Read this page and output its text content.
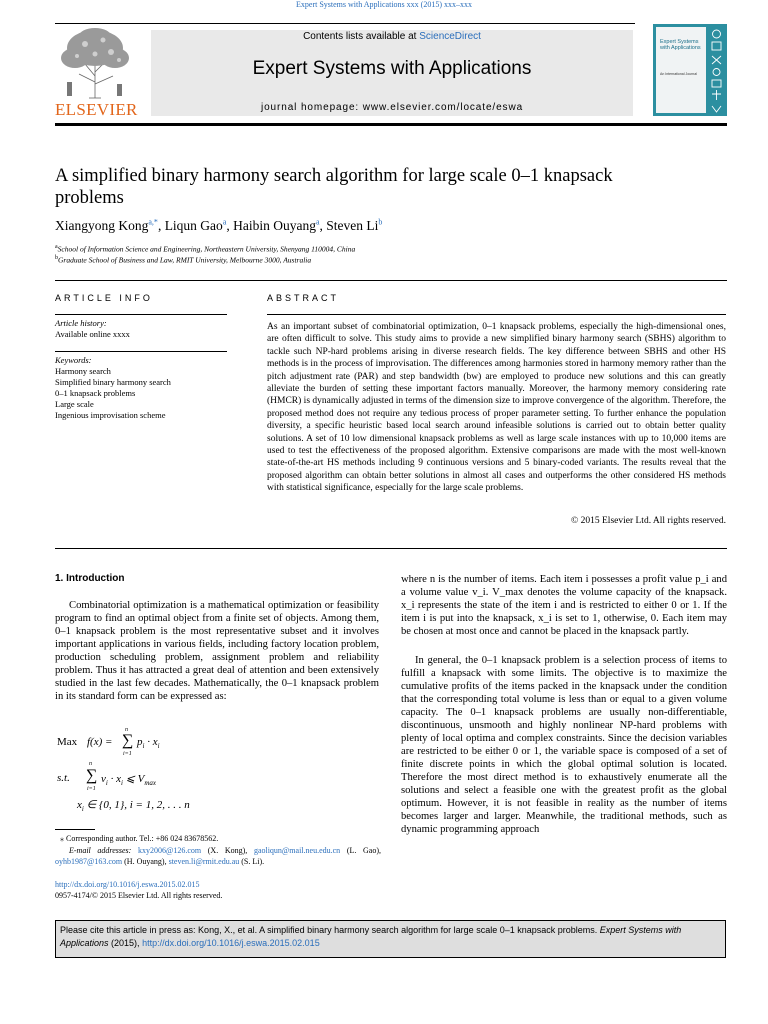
Expert Systems with Applications xxx (2015) xxx–xxx
ELSEVIER
Contents lists available at ScienceDirect
Expert Systems with Applications
journal homepage: www.elsevier.com/locate/eswa
Expert Systems with Applications
An International Journal
A simplified binary harmony search algorithm for large scale 0–1 knapsack problems
Xiangyong Kong$^{a,*}$, Liqun Gao$^a$, Haibin Ouyang$^a$, Steven Li$^b$
$^a$School of Information Science and Engineering, Northeastern University, Shenyang 110004, China
$^b$Graduate School of Business and Law, RMIT University, Melbourne 3000, Australia
ARTICLE INFO
Article history:
Available online xxxx
Keywords:
Harmony search
Simplified binary harmony search
0–1 knapsack problems
Large scale
Ingenious improvisation scheme
ABSTRACT
As an important subset of combinatorial optimization, 0–1 knapsack problems, especially the high-dimensional ones, are often difficult to solve. This study aims to provide a new simplified binary harmony search (SBHS) algorithm to tackle such NP-hard problems arising in diverse research fields. The key difference between SBHS and other HS methods is in the process of improvisation. The differences among harmonies stored in harmony memory rather than the pitch adjustment rate (PAR) and step bandwidth (bw) are employed to produce new solutions and this can greatly alleviate the burden of setting these important factors manually. Moreover, the harmony memory considering rate (HMCR) is dynamically adjusted in terms of the dimension size to improve convergence of the algorithm. Therefore, the proposed method does not require any tedious process of proper parameter setting. To further enhance the population diversity, a specific heuristic based local search around infeasible solutions is carried out to obtain better quality solutions. A set of 10 low dimensional knapsack problems as well as large scale instances with up to 10,000 items are used to test the effectiveness of the proposed algorithm. Extensive comparisons are made with the most well-known state-of-the-art HS methods including 9 continuous versions and 5 binary-coded variants. The results reveal that the proposed algorithm can obtain better solutions in almost all cases and outperforms the other considered HS methods with statistical significance, especially for the large scale problems.
© 2015 Elsevier Ltd. All rights reserved.
1. Introduction
Combinatorial optimization is a mathematical optimization or feasibility program to find an optimal object from a finite set of objects. Among them, 0–1 knapsack problem is the most representative subset and it involves important applications in various fields, including factory location problem, production scheduling problem, assignment problem and reliability problem. Thus it has attracted a great deal of attention and been extensively studied in the last few decades. Mathematically, the 0–1 knapsack problem in its standard form can be expressed as:
Max f(x) =
n
∑
i=1
$p_i \cdot x_i$
s.t.
n
∑
i=1
$v_i \cdot x_i$ ⩽ $V_{max}$
$x_i$ ∈ {0, 1}, i = 1, 2, . . . n
⁎ Corresponding author. Tel.: +86 024 83678562.
E-mail addresses: kxy2006@126.com (X. Kong), gaoliqun@mail.neu.edu.cn (L. Gao), oyhb1987@163.com (H. Ouyang), steven.li@rmit.edu.au (S. Li).
http://dx.doi.org/10.1016/j.eswa.2015.02.015
0957-4174/© 2015 Elsevier Ltd. All rights reserved.
where n is the number of items. Each item i possesses a profit value p_i and a volume value v_i. V_max denotes the volume capacity of the knapsack. x_i represents the state of the item i and is restricted to either 0 or 1. If the item i is put into the knapsack, x_i is set to 1, otherwise, 0. Each item may be chosen at most once and cannot be placed in the knapsack partly.
In general, the 0–1 knapsack problem is a selection process of items to fulfill a knapsack with some limits. The objective is to maximize the cumulative profits of the items packed in the knapsack under the condition that the corresponding total volume is less than or equal to a given volume capacity. The 0–1 knapsack problems are usually non-differentiable, discontinuous, unsmooth and highly nonlinear NP-hard problems with plenty of local optima and complex constraints. Since the decision variables are restricted to be either 0 or 1, the variable space is composed of a set of finite discrete points in which the global optimal solution is located. Therefore the most direct method is to exhaustively enumerate all the solutions and select a feasible one with the greatest profit as the global optimum. However, it is not feasible in reality as the number of items becomes larger and larger. Meanwhile, the traditional methods, such as dynamic programming approach
Please cite this article in press as: Kong, X., et al. A simplified binary harmony search algorithm for large scale 0–1 knapsack problems. Expert Systems with Applications (2015), http://dx.doi.org/10.1016/j.eswa.2015.02.015
